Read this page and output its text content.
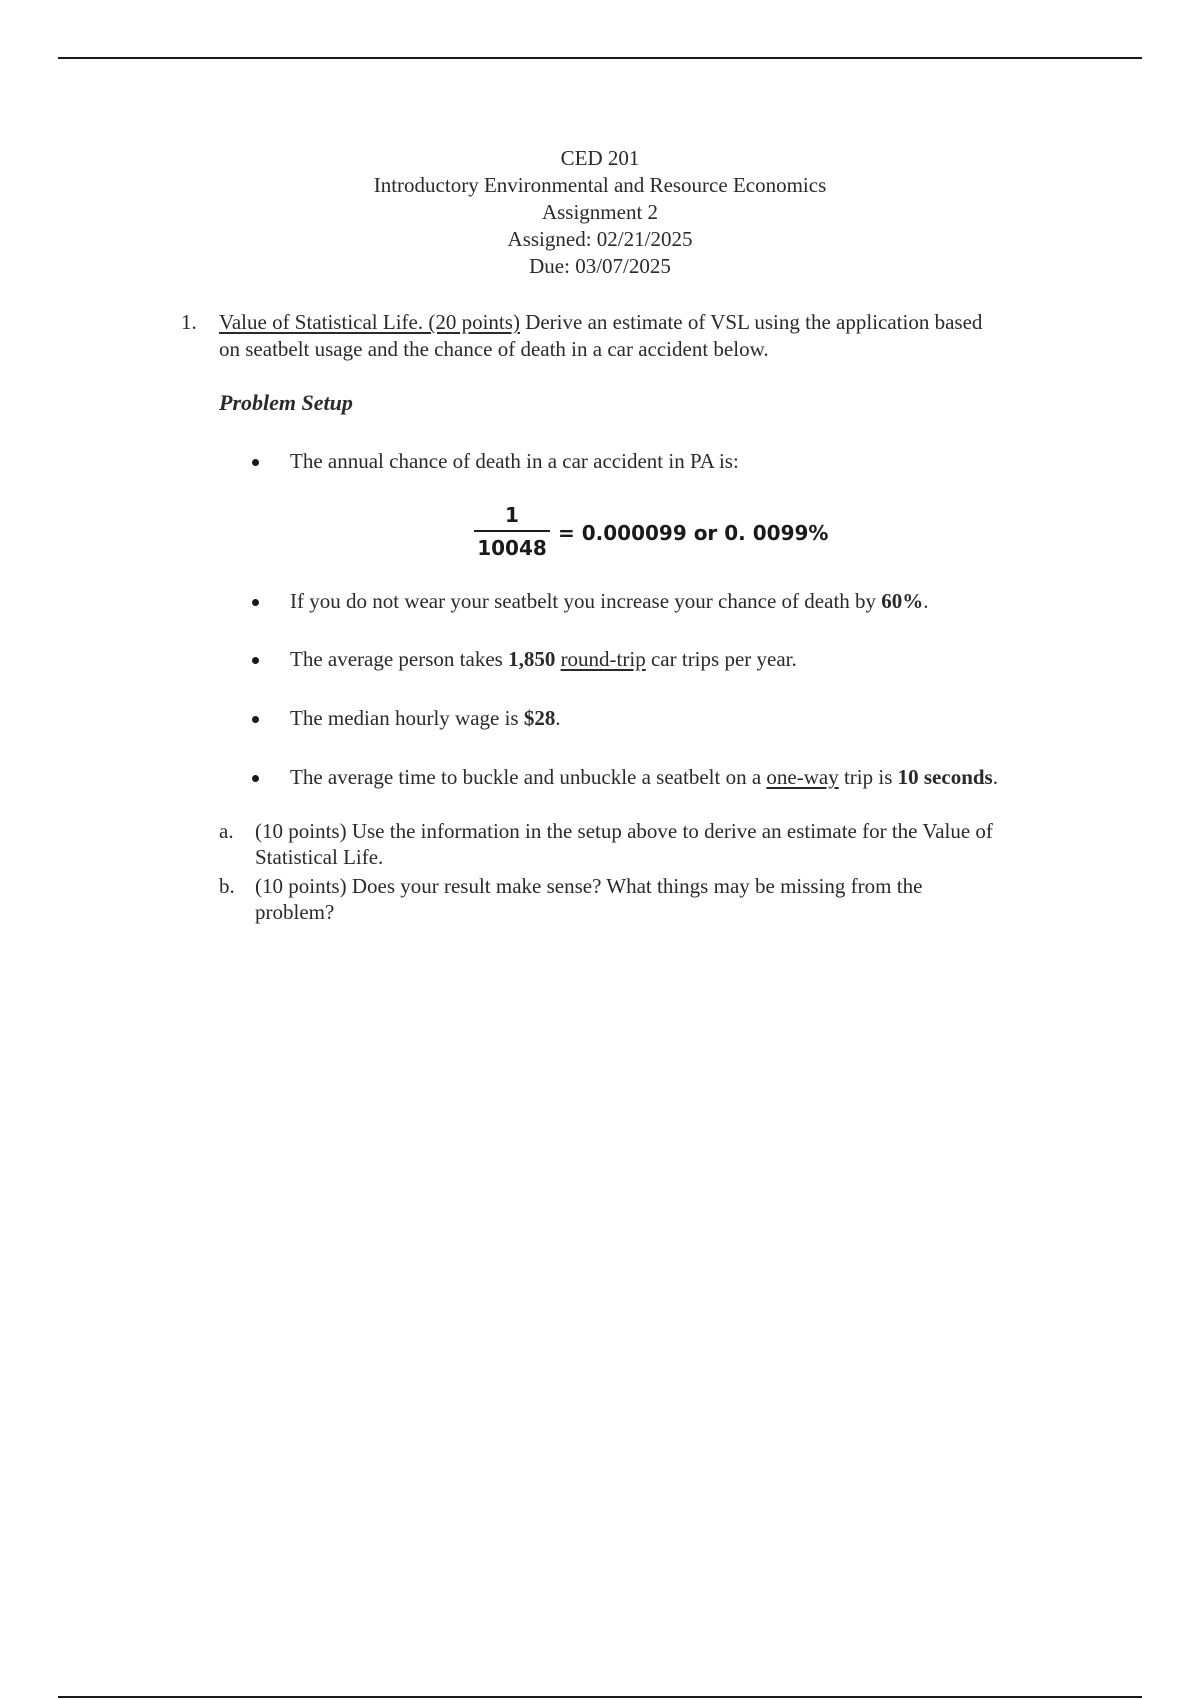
CED 201
Introductory Environmental and Resource Economics
Assignment 2
Assigned: 02/21/2025
Due: 03/07/2025
1. Value of Statistical Life. (20 points) Derive an estimate of VSL using the application based
on seatbelt usage and the chance of death in a car accident below.
Problem Setup
The annual chance of death in a car accident in PA is:
1
10048
= 0.000099 or 0. 0099%
If you do not wear your seatbelt you increase your chance of death by 60%.
The average person takes 1,850 round-trip car trips per year.
The median hourly wage is $28.
The average time to buckle and unbuckle a seatbelt on a one-way trip is 10 seconds.
a. (10 points) Use the information in the setup above to derive an estimate for the Value of
Statistical Life.
b. (10 points) Does your result make sense? What things may be missing from the
problem?
